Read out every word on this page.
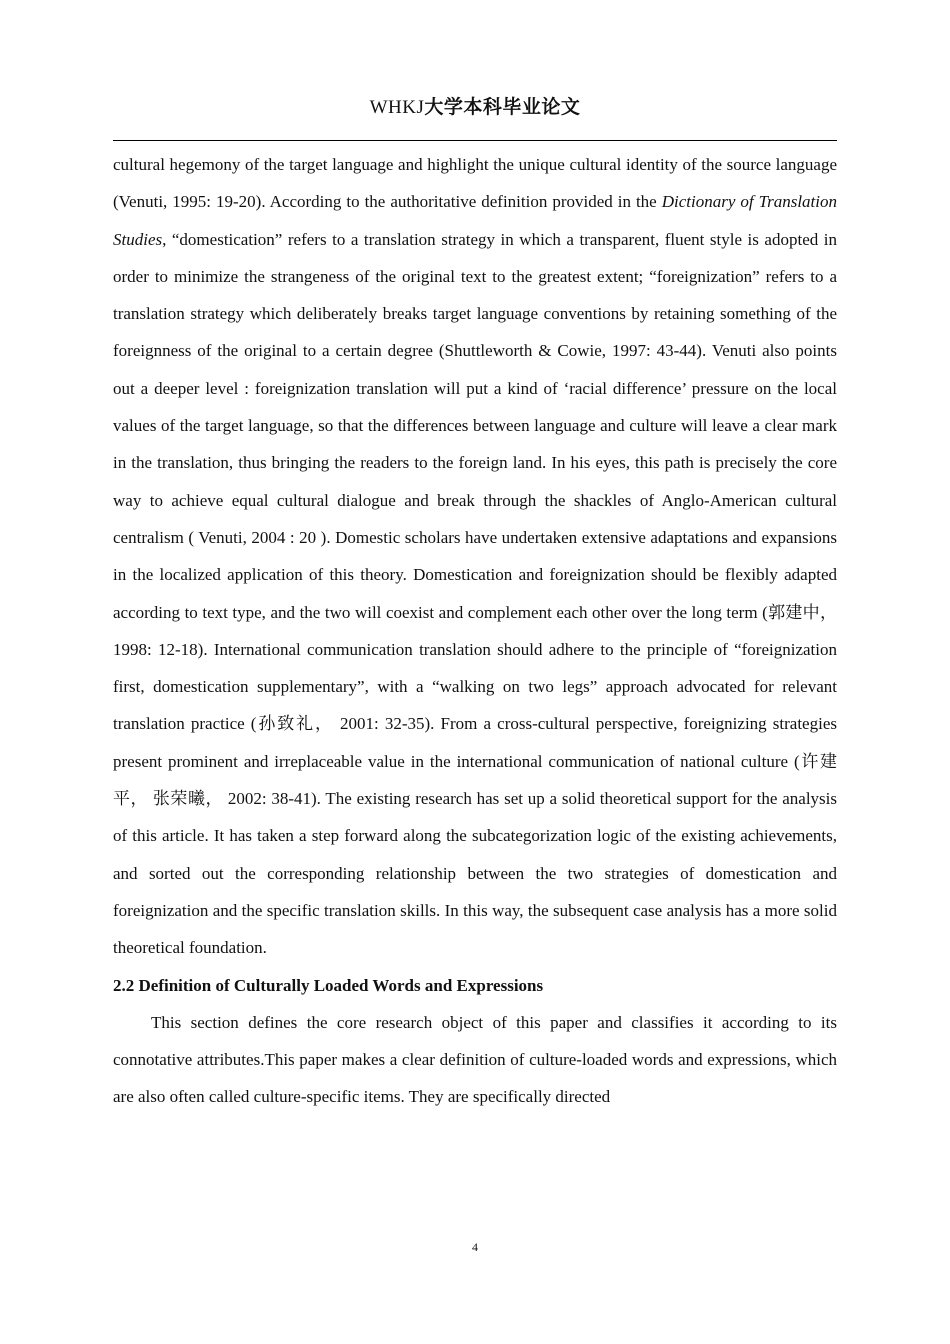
WHKJ大学本科毕业论文

cultural hegemony of the target language and highlight the unique cultural identity of the source language (Venuti, 1995: 19-20). According to the authoritative definition provided in the Dictionary of Translation Studies, “domestication” refers to a translation strategy in which a transparent, fluent style is adopted in order to minimize the strangeness of the original text to the greatest extent; “foreignization” refers to a translation strategy which deliberately breaks target language conventions by retaining something of the foreignness of the original to a certain degree (Shuttleworth & Cowie, 1997: 43-44). Venuti also points out a deeper level : foreignization translation will put a kind of ‘racial difference’ pressure on the local values of the target language, so that the differences between language and culture will leave a clear mark in the translation, thus bringing the readers to the foreign land. In his eyes, this path is precisely the core way to achieve equal cultural dialogue and break through the shackles of Anglo-American cultural centralism ( Venuti, 2004 : 20 ). Domestic scholars have undertaken extensive adaptations and expansions in the localized application of this theory. Domestication and foreignization should be flexibly adapted according to text type, and the two will coexist and complement each other over the long term (郭建中， 1998: 12-18). International communication translation should adhere to the principle of “foreignization first, domestication supplementary”, with a “walking on two legs” approach advocated for relevant translation practice (孙致礼， 2001: 32-35). From a cross-cultural perspective, foreignizing strategies present prominent and irreplaceable value in the international communication of national culture (许建平， 张荣曦， 2002: 38-41). The existing research has set up a solid theoretical support for the analysis of this article. It has taken a step forward along the subcategorization logic of the existing achievements, and sorted out the corresponding relationship between the two strategies of domestication and foreignization and the specific translation skills. In this way, the subsequent case analysis has a more solid theoretical foundation.

2.2 Definition of Culturally Loaded Words and Expressions

This section defines the core research object of this paper and classifies it according to its connotative attributes.This paper makes a clear definition of culture-loaded words and expressions, which are also often called culture-specific items. They are specifically directed

4
